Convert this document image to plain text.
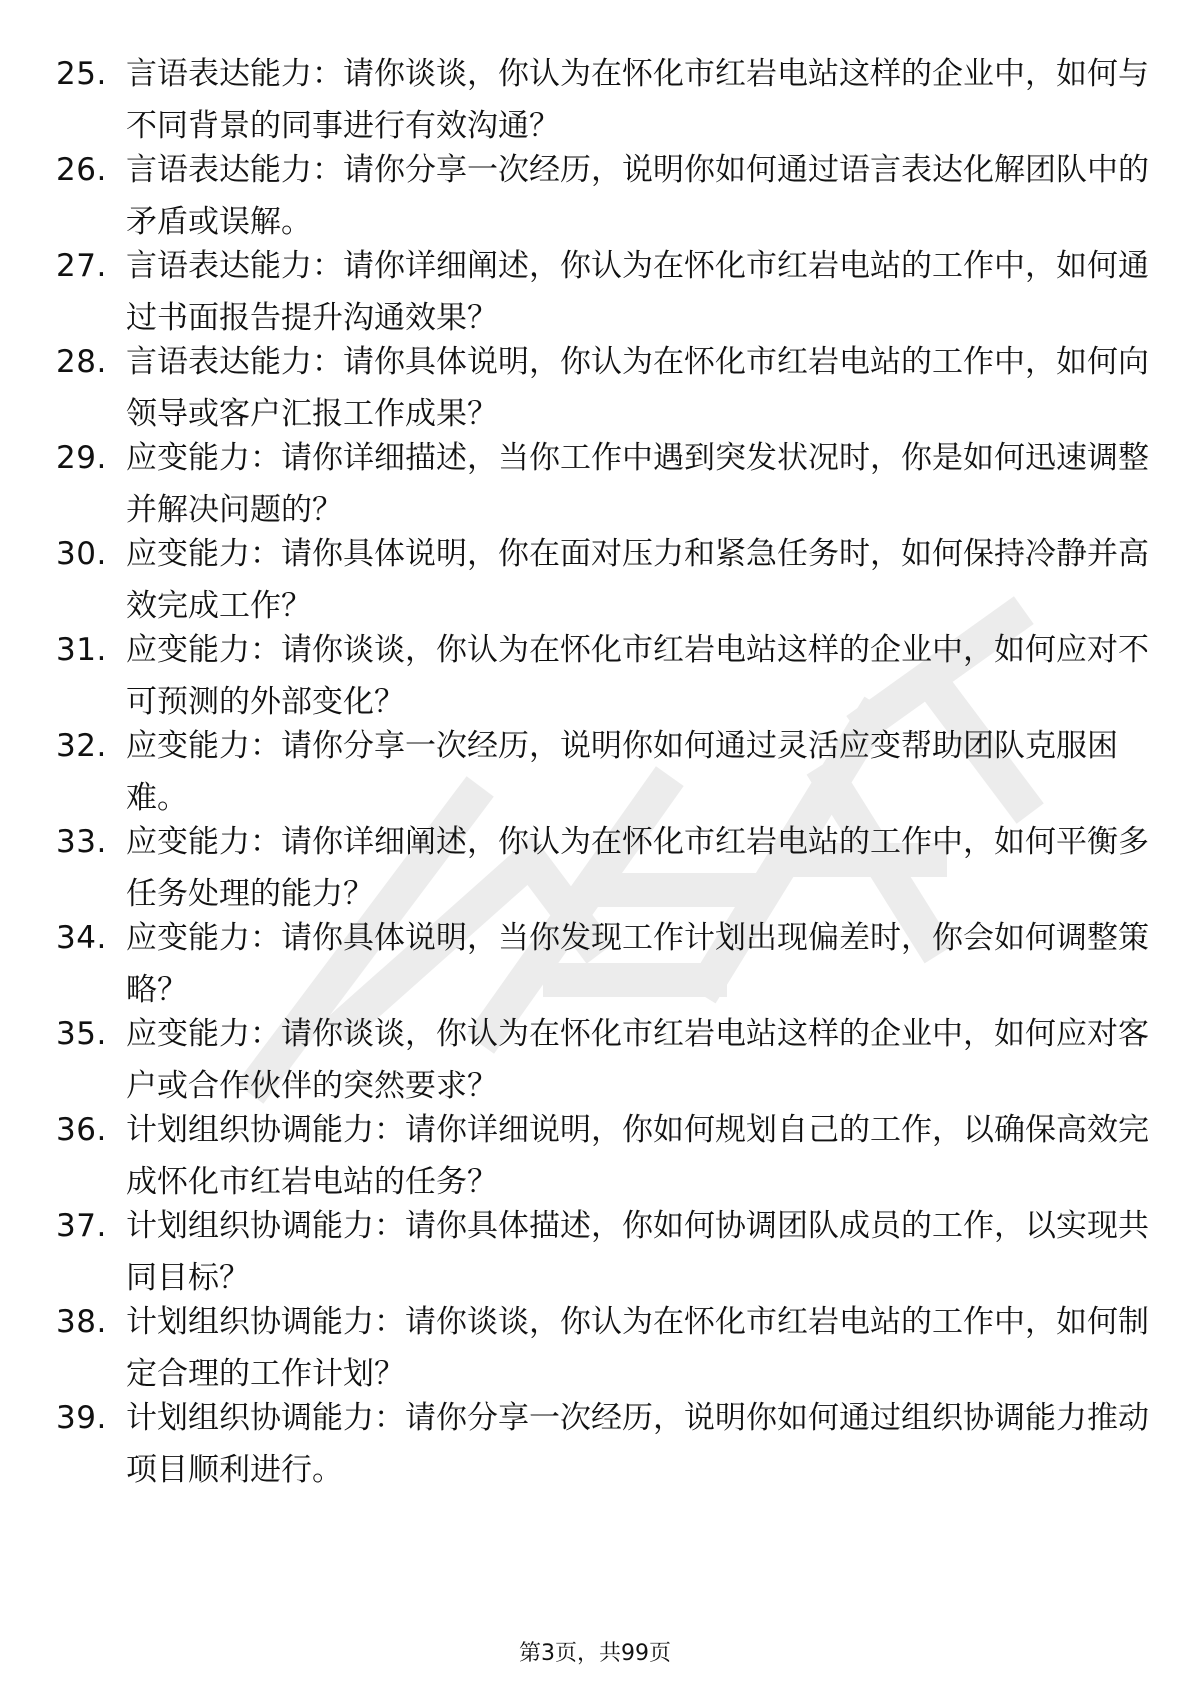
25. 言语表达能力：请你谈谈，你认为在怀化市红岩电站这样的企业中，如何与不同背景的同事进行有效沟通？
26. 言语表达能力：请你分享一次经历，说明你如何通过语言表达化解团队中的矛盾或误解。
27. 言语表达能力：请你详细阐述，你认为在怀化市红岩电站的工作中，如何通过书面报告提升沟通效果？
28. 言语表达能力：请你具体说明，你认为在怀化市红岩电站的工作中，如何向领导或客户汇报工作成果？
29. 应变能力：请你详细描述，当你工作中遇到突发状况时，你是如何迅速调整并解决问题的？
30. 应变能力：请你具体说明，你在面对压力和紧急任务时，如何保持冷静并高效完成工作？
31. 应变能力：请你谈谈，你认为在怀化市红岩电站这样的企业中，如何应对不可预测的外部变化？
32. 应变能力：请你分享一次经历，说明你如何通过灵活应变帮助团队克服困难。
33. 应变能力：请你详细阐述，你认为在怀化市红岩电站的工作中，如何平衡多任务处理的能力？
34. 应变能力：请你具体说明，当你发现工作计划出现偏差时，你会如何调整策略？
35. 应变能力：请你谈谈，你认为在怀化市红岩电站这样的企业中，如何应对客户或合作伙伴的突然要求？
36. 计划组织协调能力：请你详细说明，你如何规划自己的工作，以确保高效完成怀化市红岩电站的任务？
37. 计划组织协调能力：请你具体描述，你如何协调团队成员的工作，以实现共同目标？
38. 计划组织协调能力：请你谈谈，你认为在怀化市红岩电站的工作中，如何制定合理的工作计划？
39. 计划组织协调能力：请你分享一次经历，说明你如何通过组织协调能力推动项目顺利进行。
第3页，共99页
